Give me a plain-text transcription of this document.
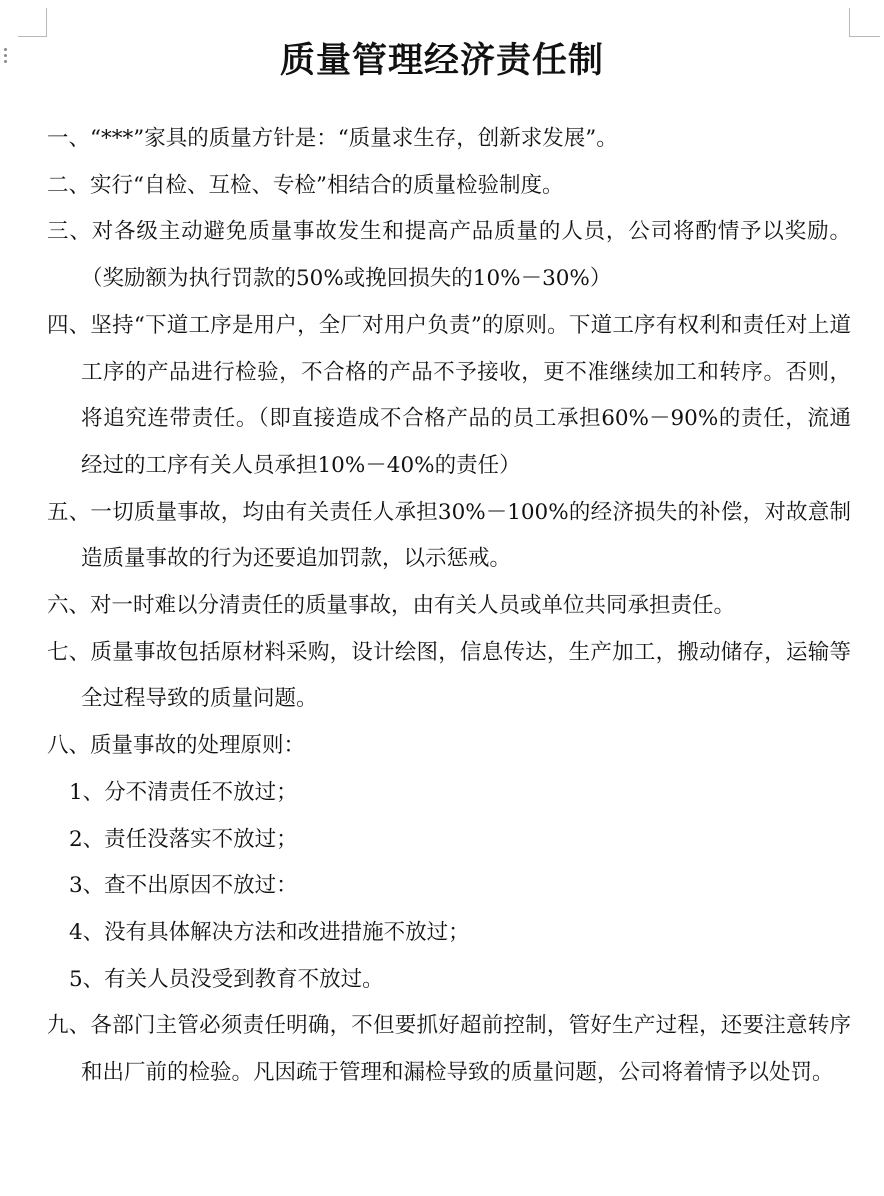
质量管理经济责任制

一、“***”家具的质量方针是：“质量求生存，创新求发展”。

二、实行“自检、互检、专检”相结合的质量检验制度。

三、对各级主动避免质量事故发生和提高产品质量的人员，公司将酌情予以奖励。（奖励额为执行罚款的50%或挽回损失的10%－30%）

四、坚持“下道工序是用户，全厂对用户负责”的原则。下道工序有权利和责任对上道工序的产品进行检验，不合格的产品不予接收，更不准继续加工和转序。否则，将追究连带责任。（即直接造成不合格产品的员工承担60%－90%的责任，流通经过的工序有关人员承担10%－40%的责任）

五、一切质量事故，均由有关责任人承担30%－100%的经济损失的补偿，对故意制造质量事故的行为还要追加罚款，以示惩戒。

六、对一时难以分清责任的质量事故，由有关人员或单位共同承担责任。

七、质量事故包括原材料采购，设计绘图，信息传达，生产加工，搬动储存，运输等全过程导致的质量问题。

八、质量事故的处理原则：

1、分不清责任不放过；

2、责任没落实不放过；

3、查不出原因不放过：

4、没有具体解决方法和改进措施不放过；

5、有关人员没受到教育不放过。

九、各部门主管必须责任明确，不但要抓好超前控制，管好生产过程，还要注意转序和出厂前的检验。凡因疏于管理和漏检导致的质量问题，公司将着情予以处罚。
